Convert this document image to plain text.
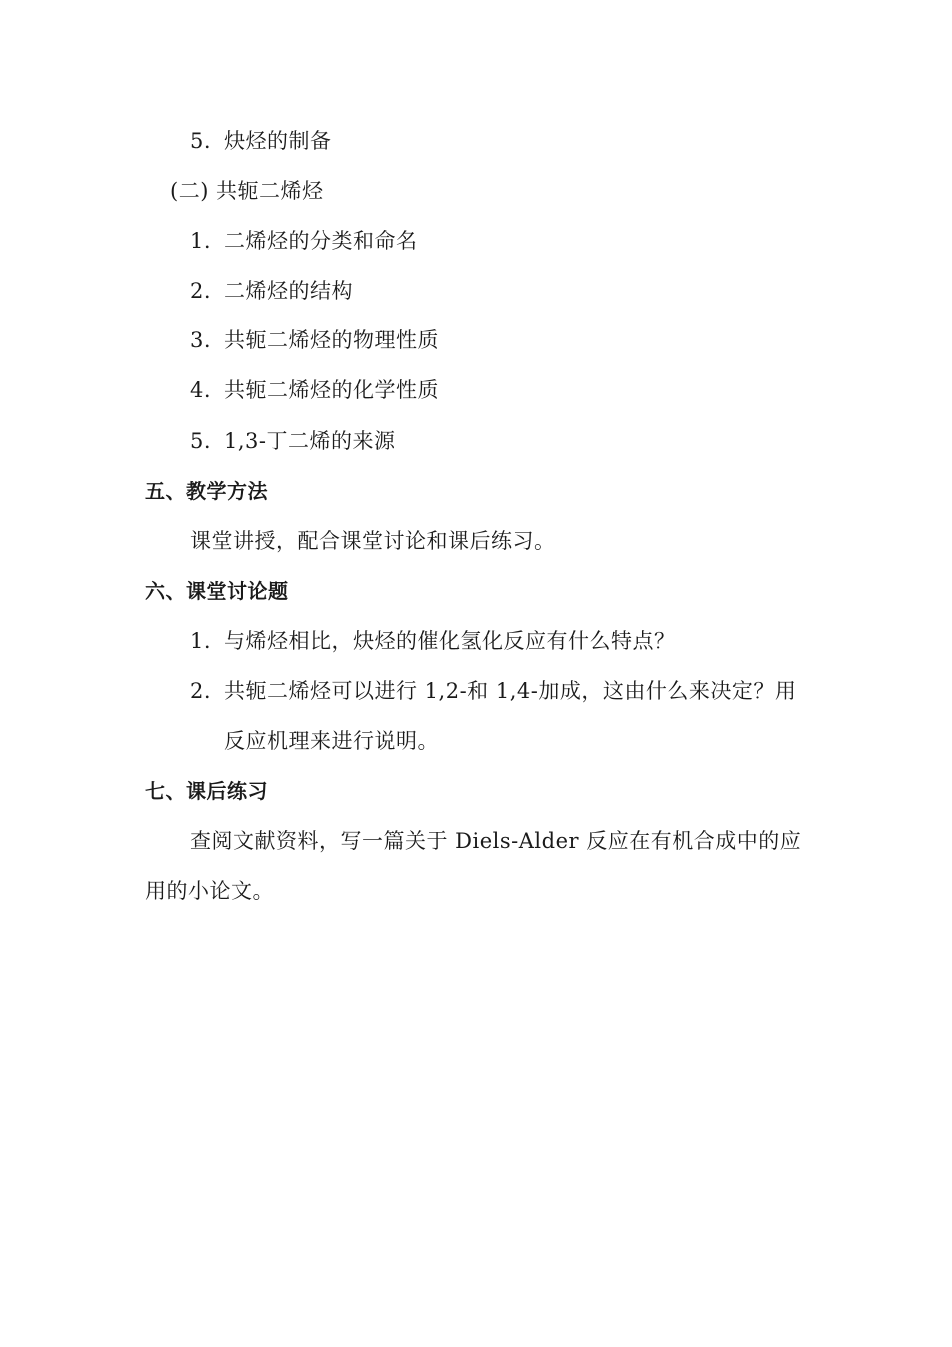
5. 炔烃的制备
(二) 共轭二烯烃
1. 二烯烃的分类和命名
2. 二烯烃的结构
3. 共轭二烯烃的物理性质
4. 共轭二烯烃的化学性质
5. 1,3-丁二烯的来源
五、教学方法
课堂讲授，配合课堂讨论和课后练习。
六、课堂讨论题
1. 与烯烃相比，炔烃的催化氢化反应有什么特点？
2. 共轭二烯烃可以进行 1,2-和 1,4-加成，这由什么来决定？用
反应机理来进行说明。
七、课后练习
查阅文献资料，写一篇关于 Diels-Alder 反应在有机合成中的应
用的小论文。
